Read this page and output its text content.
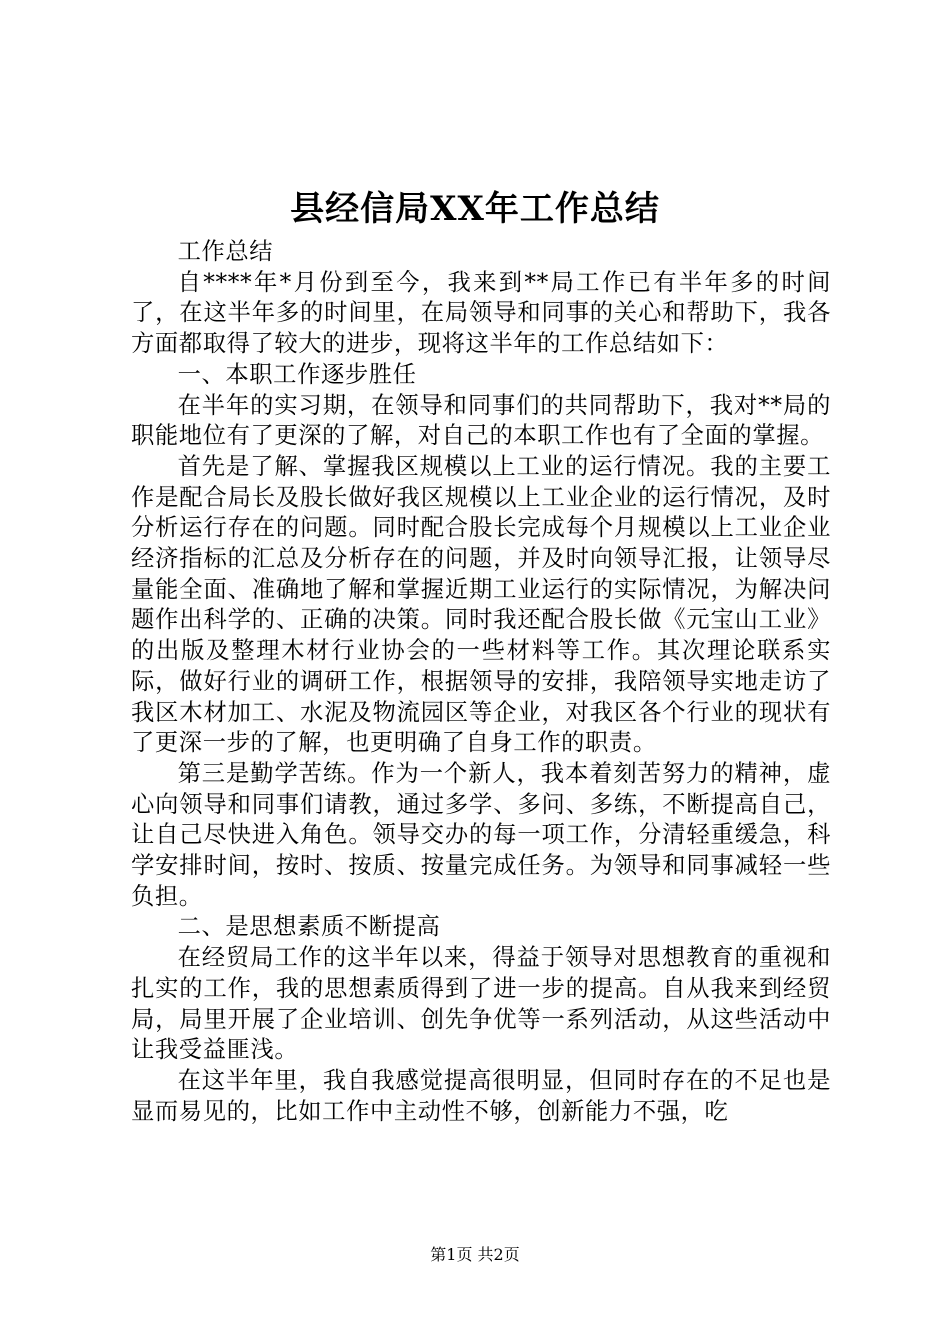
县经信局XX年工作总结

工作总结

自****年*月份到至今，我来到**局工作已有半年多的时间了，在这半年多的时间里，在局领导和同事的关心和帮助下，我各方面都取得了较大的进步，现将这半年的工作总结如下：

一、本职工作逐步胜任

在半年的实习期，在领导和同事们的共同帮助下，我对**局的职能地位有了更深的了解，对自己的本职工作也有了全面的掌握。

首先是了解、掌握我区规模以上工业的运行情况。我的主要工作是配合局长及股长做好我区规模以上工业企业的运行情况，及时分析运行存在的问题。同时配合股长完成每个月规模以上工业企业经济指标的汇总及分析存在的问题，并及时向领导汇报，让领导尽量能全面、准确地了解和掌握近期工业运行的实际情况，为解决问题作出科学的、正确的决策。同时我还配合股长做《元宝山工业》的出版及整理木材行业协会的一些材料等工作。其次理论联系实际，做好行业的调研工作，根据领导的安排，我陪领导实地走访了我区木材加工、水泥及物流园区等企业，对我区各个行业的现状有了更深一步的了解，也更明确了自身工作的职责。

第三是勤学苦练。作为一个新人，我本着刻苦努力的精神，虚心向领导和同事们请教，通过多学、多问、多练，不断提高自己，让自己尽快进入角色。领导交办的每一项工作，分清轻重缓急，科学安排时间，按时、按质、按量完成任务。为领导和同事减轻一些负担。

二、是思想素质不断提高

在经贸局工作的这半年以来，得益于领导对思想教育的重视和扎实的工作，我的思想素质得到了进一步的提高。自从我来到经贸局，局里开展了企业培训、创先争优等一系列活动，从这些活动中让我受益匪浅。

在这半年里，我自我感觉提高很明显，但同时存在的不足也是显而易见的，比如工作中主动性不够，创新能力不强，吃

第1页 共2页
